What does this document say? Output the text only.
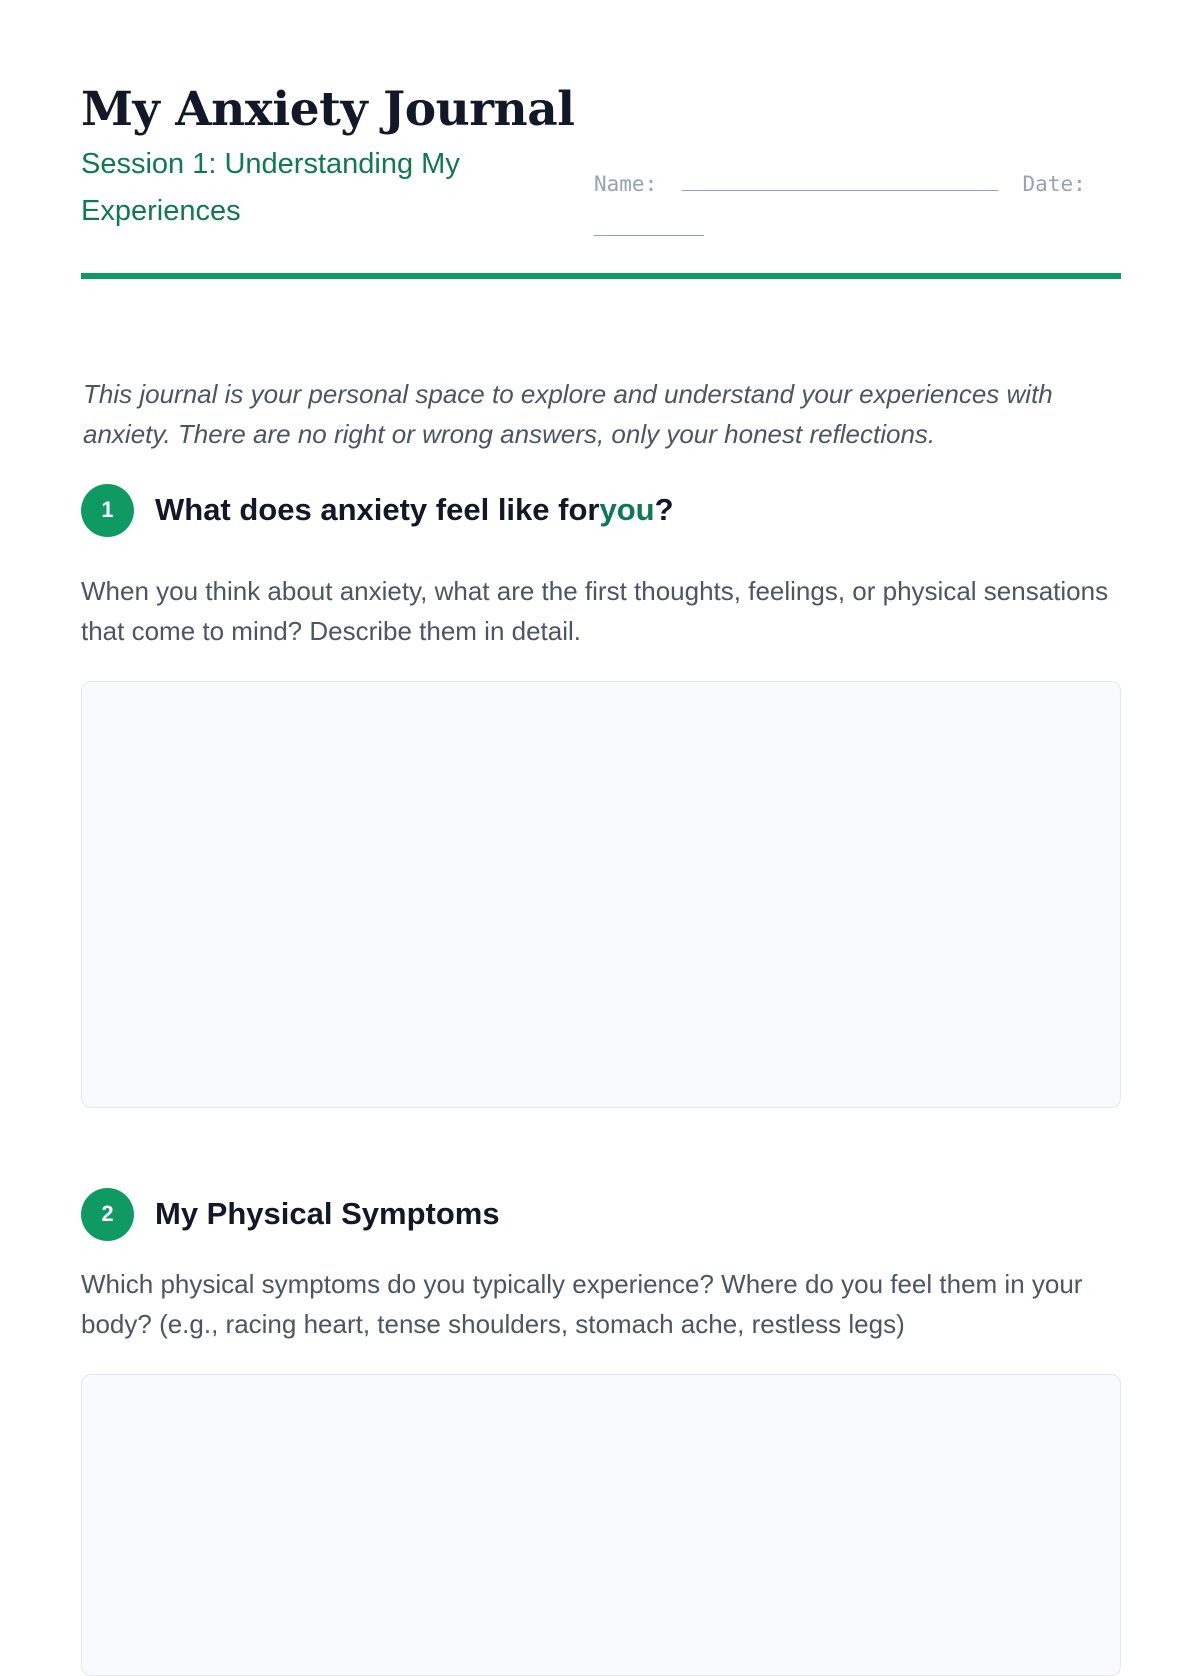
My Anxiety Journal
Session 1: Understanding My Experiences
Name:	Date:

This journal is your personal space to explore and understand your experiences with anxiety. There are no right or wrong answers, only your honest reflections.

1	What does anxiety feel like foryou?
When you think about anxiety, what are the first thoughts, feelings, or physical sensations that come to mind? Describe them in detail.
2	My Physical Symptoms
Which physical symptoms do you typically experience? Where do you feel them in your body? (e.g., racing heart, tense shoulders, stomach ache, restless legs)
